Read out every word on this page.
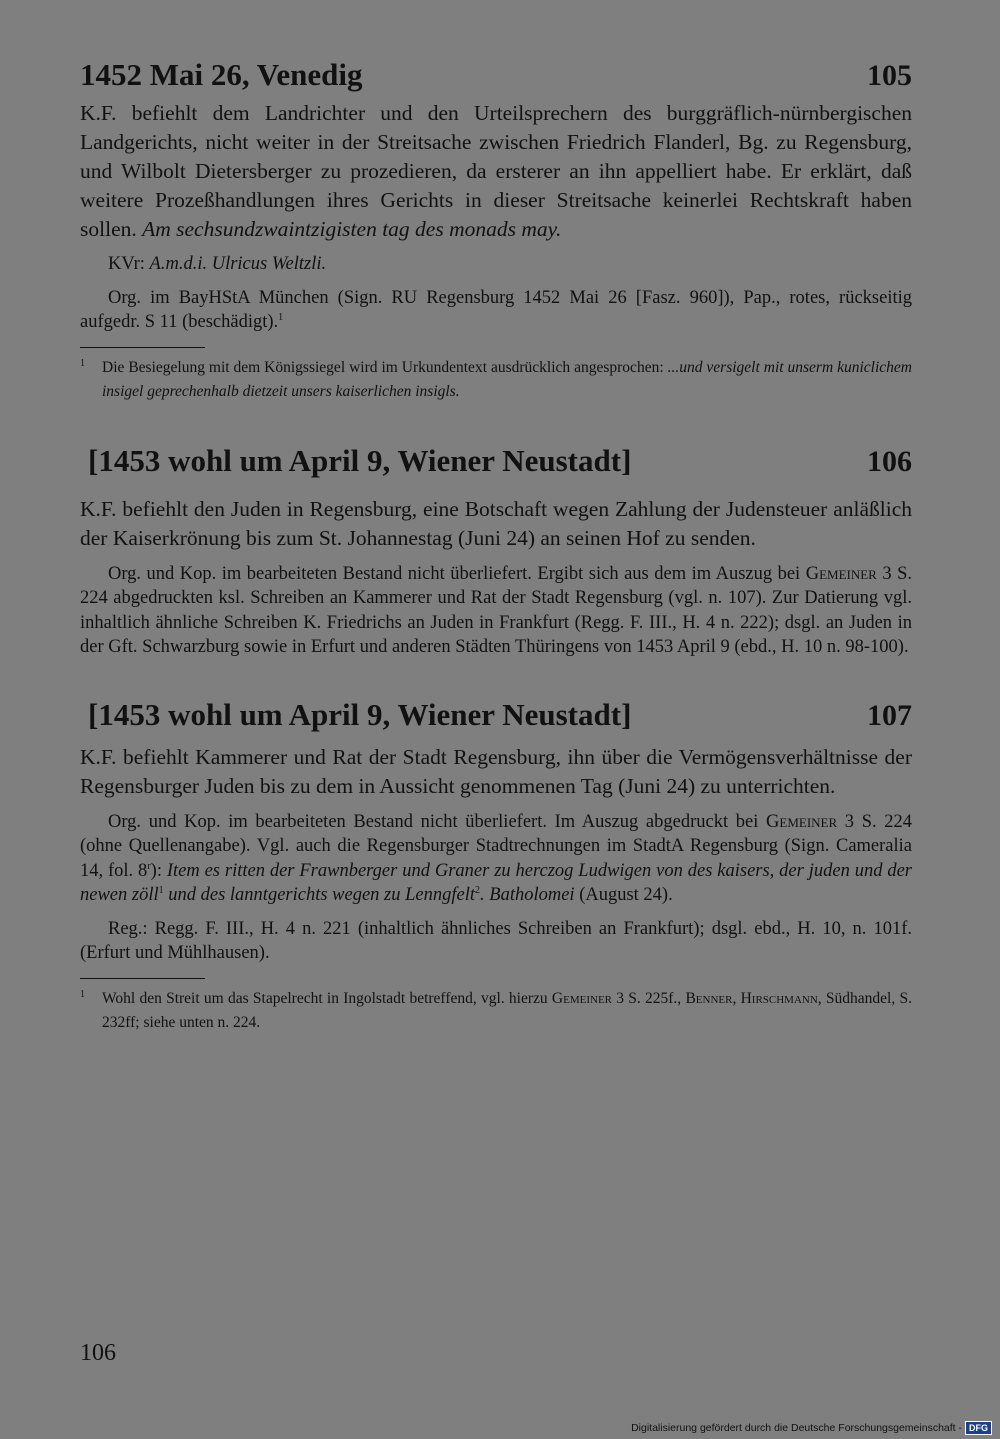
1452 Mai 26, Venedig	105

K.F. befiehlt dem Landrichter und den Urteilsprechern des burggräflich-nürnbergischen Landgerichts, nicht weiter in der Streitsache zwischen Friedrich Flanderl, Bg. zu Regensburg, und Wilbolt Dietersberger zu prozedieren, da ersterer an ihn appelliert habe. Er erklärt, daß weitere Prozeßhandlungen ihres Gerichts in dieser Streitsache keinerlei Rechtskraft haben sollen. Am sechsundzwaintzigisten tag des monads may.

KVr: A.m.d.i. Ulricus Weltzli.

Org. im BayHStA München (Sign. RU Regensburg 1452 Mai 26 [Fasz. 960]), Pap., rotes, rückseitig aufgedr. S 11 (beschädigt).$^1$

$^1$ Die Besiegelung mit dem Königssiegel wird im Urkundentext ausdrücklich angesprochen: ...und versigelt mit unserm kuniclichem insigel geprechenhalb dietzeit unsers kaiserlichen insigls.

[1453 wohl um April 9, Wiener Neustadt]	106

K.F. befiehlt den Juden in Regensburg, eine Botschaft wegen Zahlung der Judensteuer anläßlich der Kaiserkrönung bis zum St. Johannestag (Juni 24) an seinen Hof zu senden.

Org. und Kop. im bearbeiteten Bestand nicht überliefert. Ergibt sich aus dem im Auszug bei Gemeiner 3 S. 224 abgedruckten ksl. Schreiben an Kammerer und Rat der Stadt Regensburg (vgl. n. 107). Zur Datierung vgl. inhaltlich ähnliche Schreiben K. Friedrichs an Juden in Frankfurt (Regg. F. III., H. 4 n. 222); dsgl. an Juden in der Gft. Schwarzburg sowie in Erfurt und anderen Städten Thüringens von 1453 April 9 (ebd., H. 10 n. 98-100).

[1453 wohl um April 9, Wiener Neustadt]	107

K.F. befiehlt Kammerer und Rat der Stadt Regensburg, ihn über die Vermögensverhältnisse der Regensburger Juden bis zu dem in Aussicht genommenen Tag (Juni 24) zu unterrichten.

Org. und Kop. im bearbeiteten Bestand nicht überliefert. Im Auszug abgedruckt bei Gemeiner 3 S. 224 (ohne Quellenangabe). Vgl. auch die Regensburger Stadtrechnungen im StadtA Regensburg (Sign. Cameralia 14, fol. 8$^r$): Item es ritten der Frawnberger und Graner zu herczog Ludwigen von des kaisers, der juden und der newen zöll$^1$ und des lanntgerichts wegen zu Lenngfelt$^2$. Batholomei (August 24).

Reg.: Regg. F. III., H. 4 n. 221 (inhaltlich ähnliches Schreiben an Frankfurt); dsgl. ebd., H. 10, n. 101f. (Erfurt und Mühlhausen).

$^1$ Wohl den Streit um das Stapelrecht in Ingolstadt betreffend, vgl. hierzu Gemeiner 3 S. 225f., Benner, Hirschmann, Südhandel, S. 232ff; siehe unten n. 224.

106
Digitalisierung gefördert durch die Deutsche Forschungsgemeinschaft - DFG
